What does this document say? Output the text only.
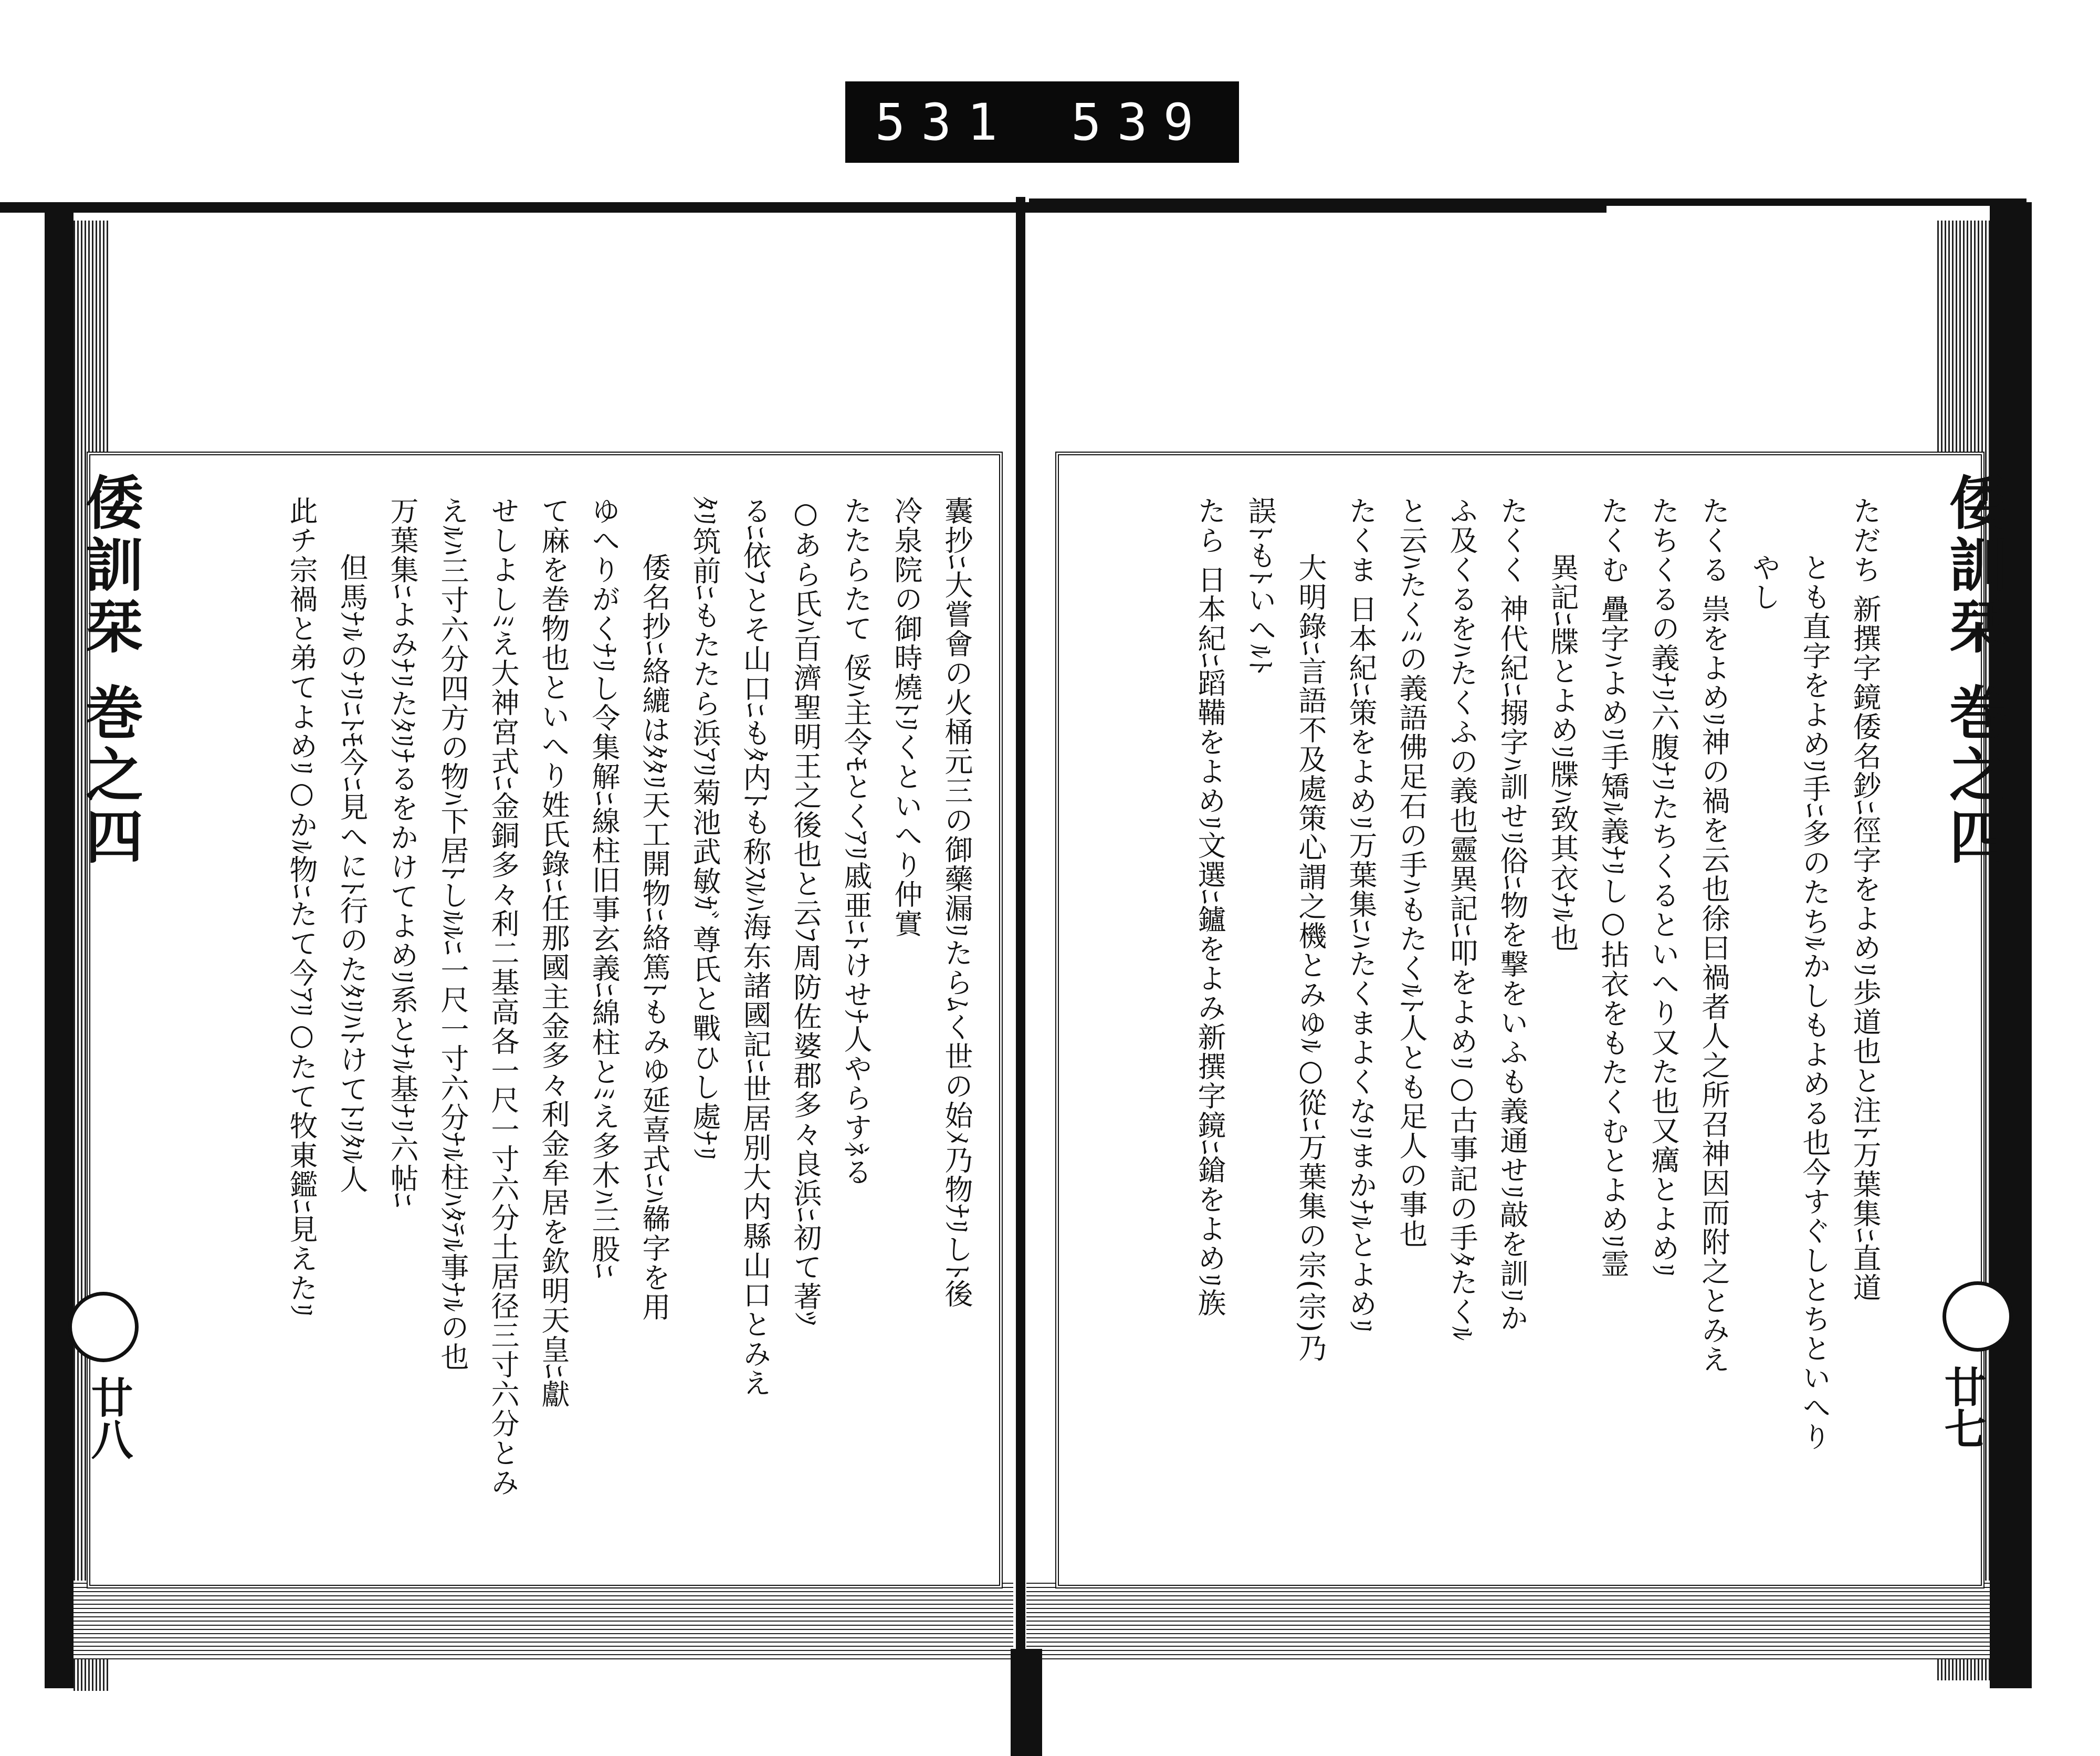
531 539
倭訓栞 巻之四
廿八
囊抄ﾆ大嘗會の火桶元三の御藥漏ﾘたらﾑく世の始ﾒ乃物ﾅﾘしﾄ後
冷泉院の御時燒ﾄﾘくといへり仲實
たたらたて 俀ﾊ主令ﾓとくｱﾘ戚亜ﾆﾄけせﾅ人やらすﾈる
○あら氏ﾊ百濟聖明王之後也と云ﾌ周防佐婆郡多々良浜ﾆ初て著ﾂ
るﾆ依ﾌとそ山口ﾆもﾀ内ﾄも称ｽﾙﾊ海东諸國記ﾆ世居別大内縣山口とみえ
ﾀﾘ筑前ﾆもたたら浜ｱﾘ菊池武敏ｶﾞ尊氏と戰ひし處ﾅﾘ
倭名抄ﾆ絡䌒はﾀﾀﾘ天工開物ﾆ絡篤ﾄもみゆ延喜式ﾆﾊ㣈字を用
ゆへりがくﾅﾘし令集解ﾆ線柱旧事玄義ﾆ綿柱とﾐえ多木ﾊ三股ﾆ
て麻を巻物也といへり姓氏錄ﾆ任那國主金多々利金牟居を欽明天皇ﾆ獻
せしよしﾐえ大神宮式ﾆ金銅多々利二基高各一尺一寸六分土居径三寸六分とみ
えﾙﾊ三寸六分四方の物ﾊ下居ﾄしﾙﾙﾆ一尺一寸六分ﾅﾙ柱ﾊﾀﾃﾙ事ﾅﾙの也
万葉集ﾆよみﾅﾘたﾀﾘﾅるをかけてよめﾘ系とﾅﾙ基ﾅﾘ六帖ﾆ
但馬ﾅﾙのﾅﾘﾆﾄﾓ今ﾆ見へにﾄ行のたﾀﾘﾊﾄけてﾄﾘﾀﾙ人
此チ宗禍と弟てよめﾘ○かﾙ物ﾆたて今ｱﾘ○たて牧東鑑ﾆ見えたﾘ	倭訓栞 巻之四
廿七
ただち 新撰字鏡倭名鈔ﾆ徑字をよめﾘ歩道也と注ﾄ万葉集ﾆ直道
とも直字をよめﾘ手ﾆ多のたちﾙかしもよめる也今すぐしとちといへり
やし
たくる 祟をよめﾘ神の禍を云也徐曰禍者人之所召神因而附之とみえ
たちくるの義ﾅﾘ六腹ﾅﾘたちくるといへり又た也又癘とよめﾘ
たくむ 疊字ﾊよめﾘ手矯ﾙ義ﾅﾘし○拈衣をもたくむとよめﾘ霊
異記ﾆ牒とよめﾘ牒ﾊ致其衣ﾅﾙ也
たくく 神代紀ﾆ搦字ﾊ訓せﾘ俗ﾆ物を撃をいふも義通せﾘ敲を訓ﾘか
ふ及くるをﾊたくふの義也靈異記ﾆ叩をよめﾘ○古事記の手ﾀたくﾙ
と云ﾊたくﾐの義語佛足石の手ﾊもたくﾙﾄ人とも足人の事也
たくま 日本紀ﾆ策をよめﾘ万葉集ﾆﾊたくまよくなﾘまかﾅﾙとよめﾘ
大明錄ﾆ言語不及處策心謂之機とみゆﾙ○從ﾆ万葉集の宗(宗)乃
誤ﾄもﾄいへﾙﾄ
たら 日本紀ﾆ蹈鞴をよめﾘ文選ﾆ鑪をよみ新撰字鏡ﾆ鎗をよめﾘ族
